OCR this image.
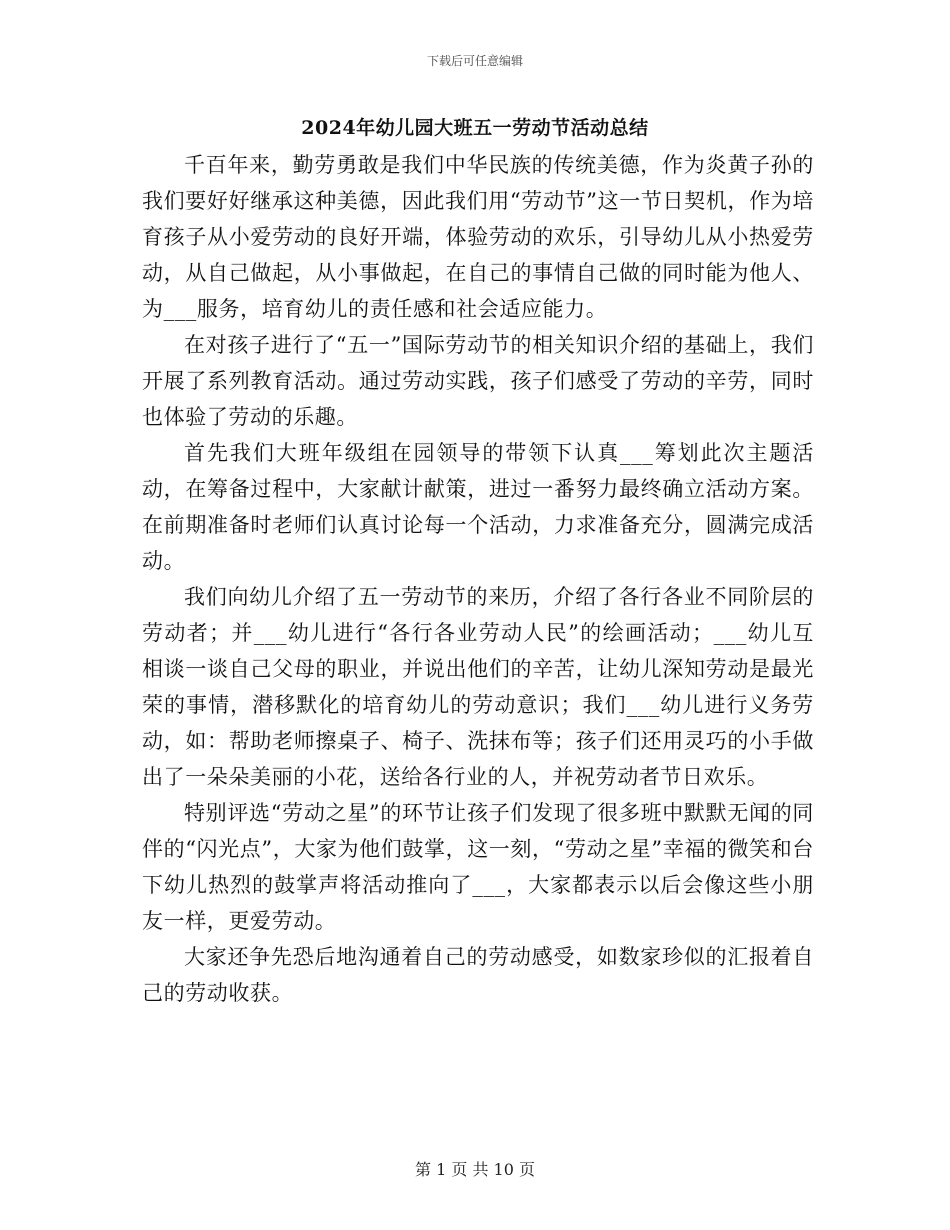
下载后可任意编辑
2024年幼儿园大班五一劳动节活动总结

千百年来，勤劳勇敢是我们中华民族的传统美德，作为炎黄子孙的我们要好好继承这种美德，因此我们用“劳动节”这一节日契机，作为培育孩子从小爱劳动的良好开端，体验劳动的欢乐，引导幼儿从小热爱劳动，从自己做起，从小事做起，在自己的事情自己做的同时能为他人、为___服务，培育幼儿的责任感和社会适应能力。

在对孩子进行了“五一”国际劳动节的相关知识介绍的基础上，我们开展了系列教育活动。通过劳动实践，孩子们感受了劳动的辛劳，同时也体验了劳动的乐趣。

首先我们大班年级组在园领导的带领下认真___筹划此次主题活动，在筹备过程中，大家献计献策，进过一番努力最终确立活动方案。在前期准备时老师们认真讨论每一个活动，力求准备充分，圆满完成活动。

我们向幼儿介绍了五一劳动节的来历，介绍了各行各业不同阶层的劳动者；并___幼儿进行“各行各业劳动人民”的绘画活动；___幼儿互相谈一谈自己父母的职业，并说出他们的辛苦，让幼儿深知劳动是最光荣的事情，潜移默化的培育幼儿的劳动意识；我们___幼儿进行义务劳动，如：帮助老师擦桌子、椅子、洗抹布等；孩子们还用灵巧的小手做出了一朵朵美丽的小花，送给各行业的人，并祝劳动者节日欢乐。

特别评选“劳动之星”的环节让孩子们发现了很多班中默默无闻的同伴的“闪光点”，大家为他们鼓掌，这一刻，“劳动之星”幸福的微笑和台下幼儿热烈的鼓掌声将活动推向了___，大家都表示以后会像这些小朋友一样，更爱劳动。

大家还争先恐后地沟通着自己的劳动感受，如数家珍似的汇报着自己的劳动收获。

第 1 页 共 10 页
